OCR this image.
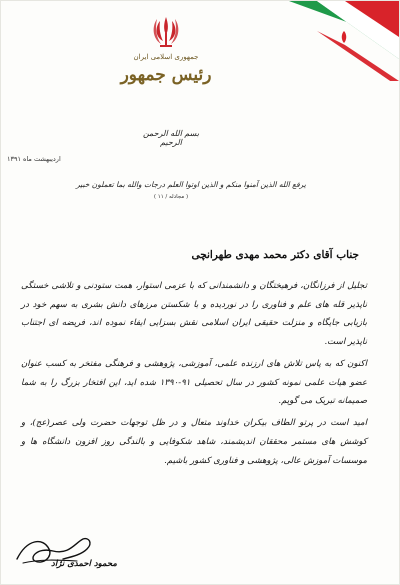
جمهوری اسلامی ایران
رئیس جمهور
بسم الله الرحمن الرحیم
اردیبهشت ماه ۱۳۹۱
یرفع الله الذین آمنوا منکم و الذین اوتوا العلم درجات والله بما تعملون خبیر
( مجادله / ۱۱ )
جناب آقای دکتر محمد مهدی طهرانچی

تجلیل از فرزانگان، فرهیختگان و دانشمندانی که با عزمی استوار، همت ستودنی و تلاشی خستگی ناپذیر قله های علم و فناوری را در نوردیده و با شکستن مرزهای دانش بشری به سهم خود در بازیابی جایگاه و منزلت حقیقی ایران اسلامی نقش بسزایی ایفاء نموده اند، فریضه ای اجتناب ناپذیر است.

اکنون که به پاس تلاش های ارزنده علمی، آموزشی، پژوهشی و فرهنگی مفتخر به کسب عنوان عضو هیات علمی نمونه کشور در سال تحصیلی ۹۱-۱۳۹۰ شده اید، این افتخار بزرگ را به شما صمیمانه تبریک می گویم.

امید است در پرتو الطاف بیکران خداوند متعال و در ظل توجهات حضرت ولی عصر(عج)، و کوشش های مستمر محققان اندیشمند، شاهد شکوفایی و بالندگی روز افزون دانشگاه ها و موسسات آموزش عالی، پژوهشی و فناوری کشور باشیم.

محمود احمدی نژاد
